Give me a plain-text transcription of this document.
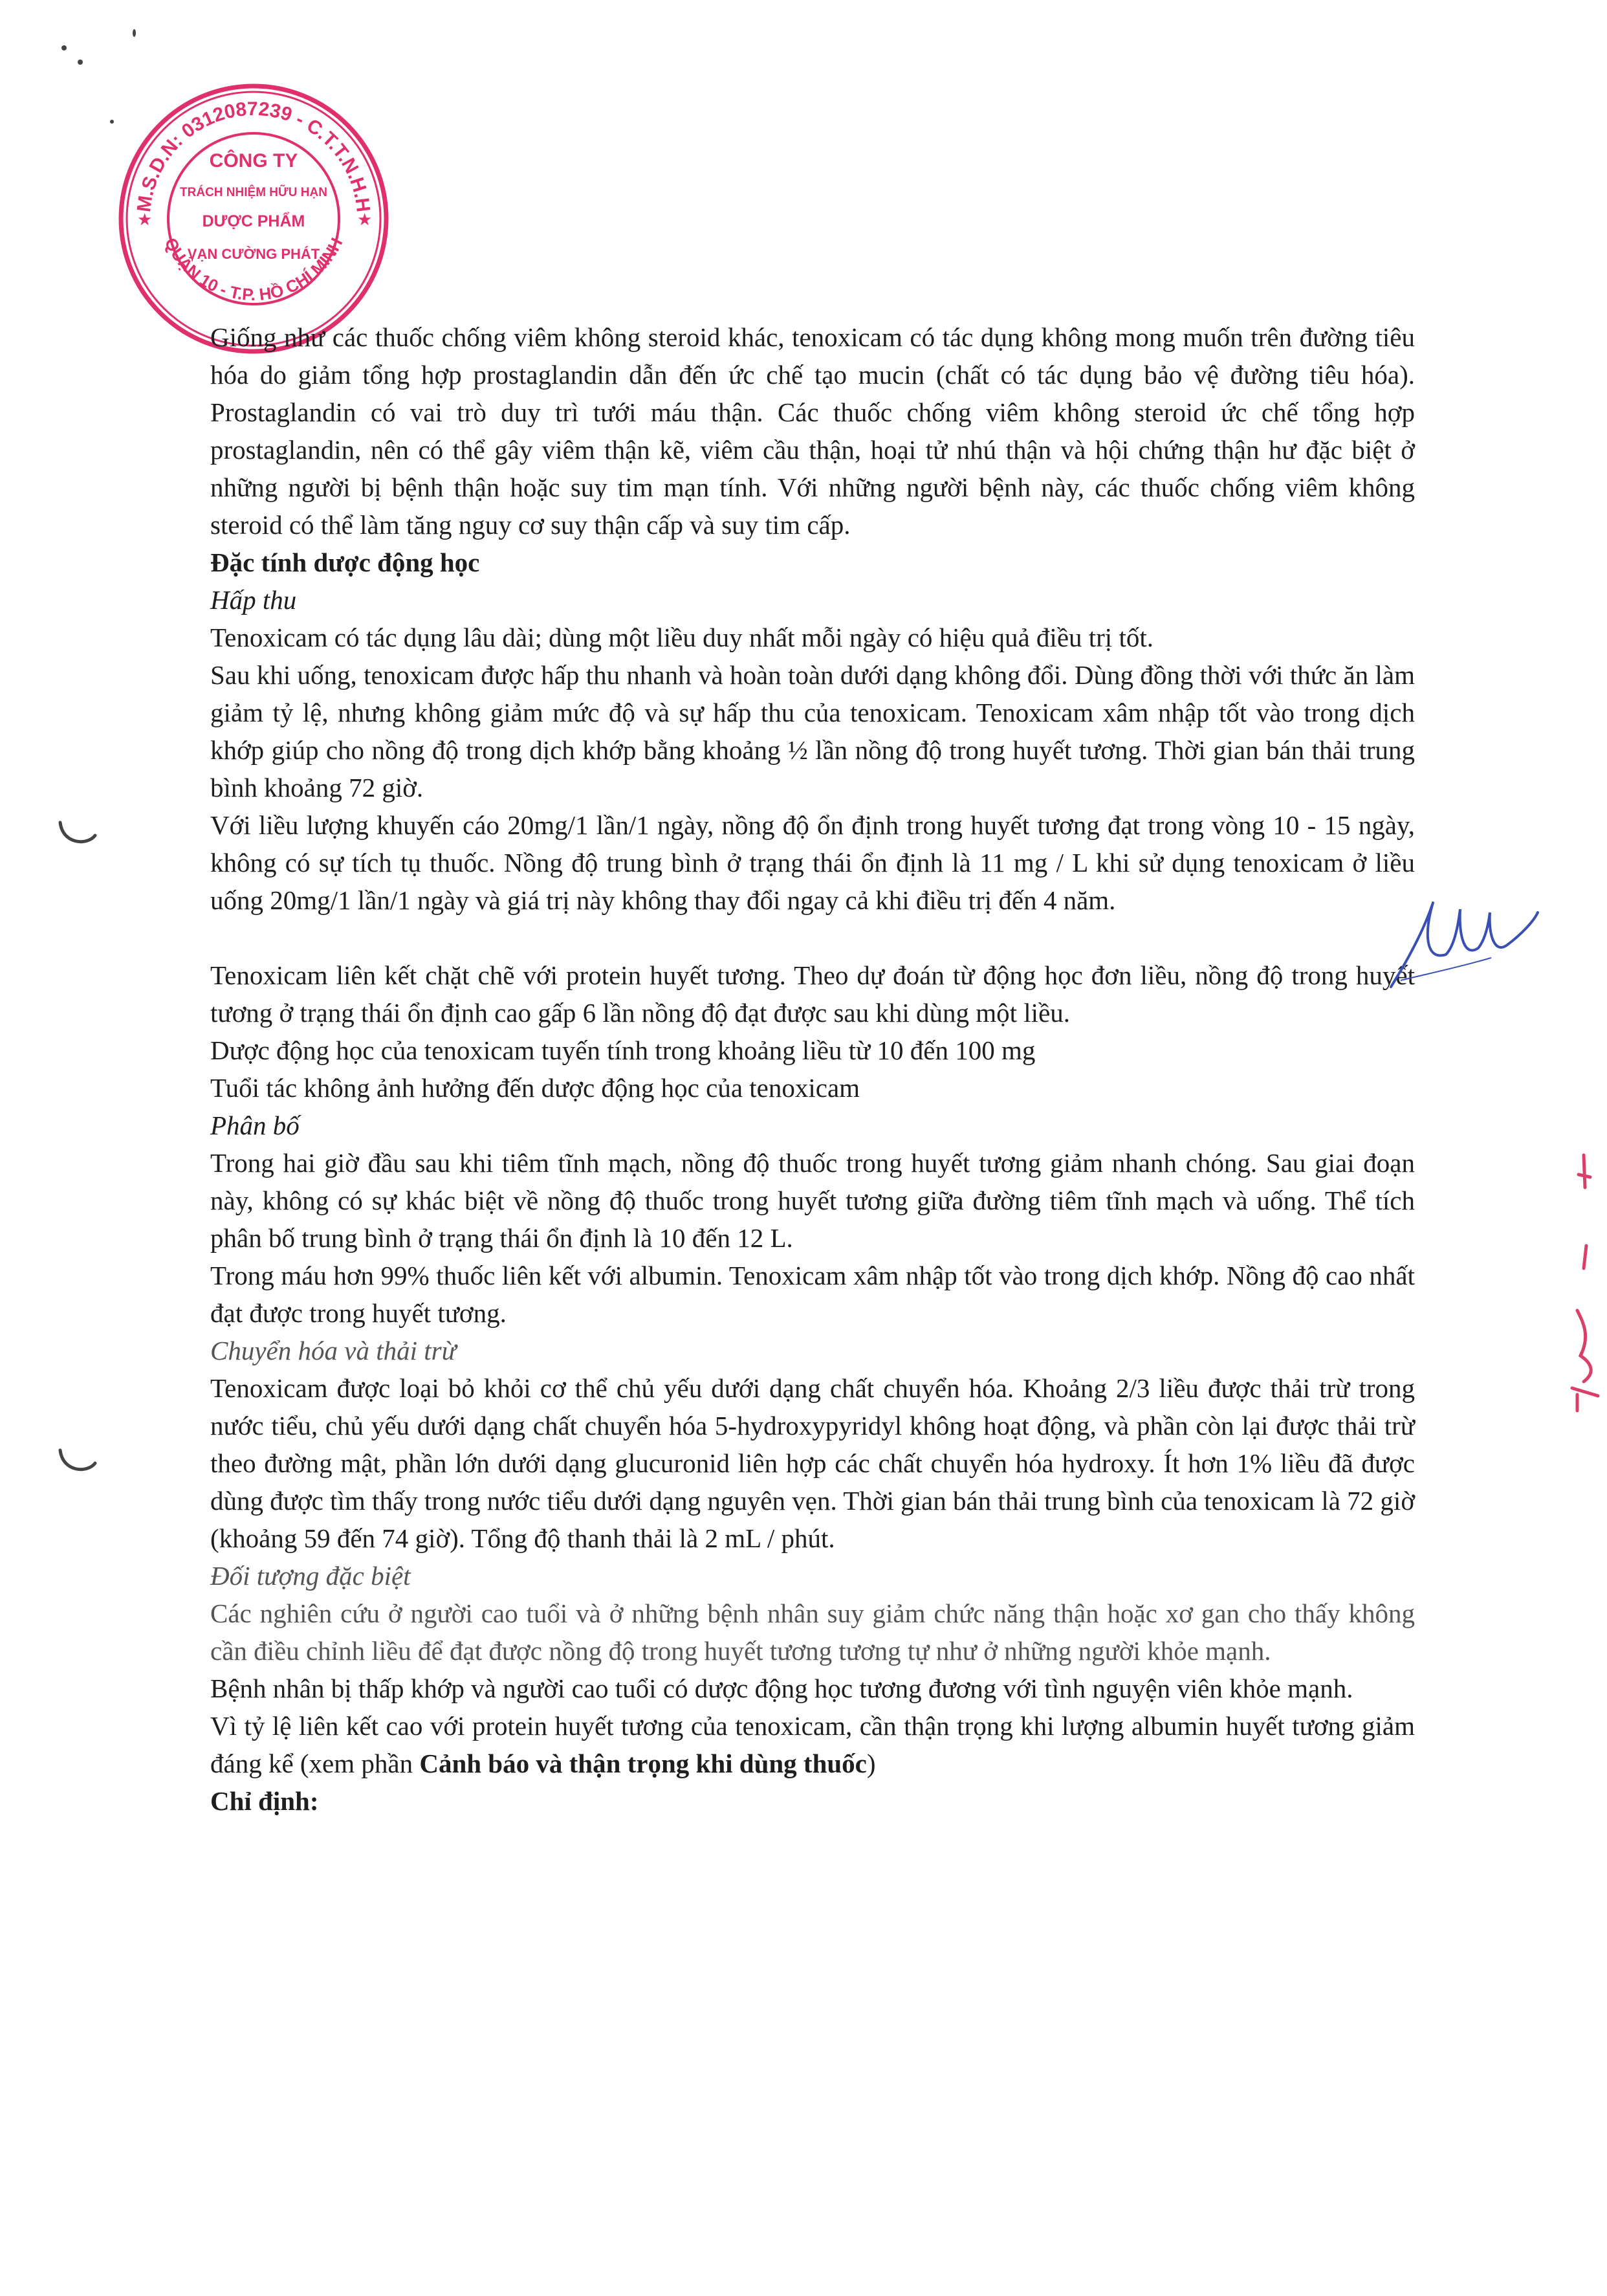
M.S.D.N: 0312087239 - C.T.T.N.H.H
QUẬN 10 - T.P. HỒ CHÍ MINH
CÔNG TY
TRÁCH NHIỆM HỮU HẠN
DƯỢC PHẨM
VẠN CƯỜNG PHÁT
★	★

Giống như các thuốc chống viêm không steroid khác, tenoxicam có tác dụng không mong muốn trên đường tiêu hóa do giảm tổng hợp prostaglandin dẫn đến ức chế tạo mucin (chất có tác dụng bảo vệ đường tiêu hóa). Prostaglandin có vai trò duy trì tưới máu thận. Các thuốc chống viêm không steroid ức chế tổng hợp prostaglandin, nên có thể gây viêm thận kẽ, viêm cầu thận, hoại tử nhú thận và hội chứng thận hư đặc biệt ở những người bị bệnh thận hoặc suy tim mạn tính. Với những người bệnh này, các thuốc chống viêm không steroid có thể làm tăng nguy cơ suy thận cấp và suy tim cấp.

Đặc tính dược động học

Hấp thu

Tenoxicam có tác dụng lâu dài; dùng một liều duy nhất mỗi ngày có hiệu quả điều trị tốt.

Sau khi uống, tenoxicam được hấp thu nhanh và hoàn toàn dưới dạng không đổi. Dùng đồng thời với thức ăn làm giảm tỷ lệ, nhưng không giảm mức độ và sự hấp thu của tenoxicam. Tenoxicam xâm nhập tốt vào trong dịch khớp giúp cho nồng độ trong dịch khớp bằng khoảng ½ lần nồng độ trong huyết tương. Thời gian bán thải trung bình khoảng 72 giờ.

Với liều lượng khuyến cáo 20mg/1 lần/1 ngày, nồng độ ổn định trong huyết tương đạt trong vòng 10 - 15 ngày, không có sự tích tụ thuốc. Nồng độ trung bình ở trạng thái ổn định là 11 mg / L khi sử dụng tenoxicam ở liều uống 20mg/1 lần/1 ngày và giá trị này không thay đổi ngay cả khi điều trị đến 4 năm.

Tenoxicam liên kết chặt chẽ với protein huyết tương. Theo dự đoán từ động học đơn liều, nồng độ trong huyết tương ở trạng thái ổn định cao gấp 6 lần nồng độ đạt được sau khi dùng một liều.

Dược động học của tenoxicam tuyến tính trong khoảng liều từ 10 đến 100 mg

Tuổi tác không ảnh hưởng đến dược động học của tenoxicam

Phân bố

Trong hai giờ đầu sau khi tiêm tĩnh mạch, nồng độ thuốc trong huyết tương giảm nhanh chóng. Sau giai đoạn này, không có sự khác biệt về nồng độ thuốc trong huyết tương giữa đường tiêm tĩnh mạch và uống. Thể tích phân bố trung bình ở trạng thái ổn định là 10 đến 12 L.

Trong máu hơn 99% thuốc liên kết với albumin. Tenoxicam xâm nhập tốt vào trong dịch khớp. Nồng độ cao nhất đạt được trong huyết tương.

Chuyển hóa và thải trừ

Tenoxicam được loại bỏ khỏi cơ thể chủ yếu dưới dạng chất chuyển hóa. Khoảng 2/3 liều được thải trừ trong nước tiểu, chủ yếu dưới dạng chất chuyển hóa 5-hydroxypyridyl không hoạt động, và phần còn lại được thải trừ theo đường mật, phần lớn dưới dạng glucuronid liên hợp các chất chuyển hóa hydroxy. Ít hơn 1% liều đã được dùng được tìm thấy trong nước tiểu dưới dạng nguyên vẹn. Thời gian bán thải trung bình của tenoxicam là 72 giờ (khoảng 59 đến 74 giờ). Tổng độ thanh thải là 2 mL / phút.

Đối tượng đặc biệt

Các nghiên cứu ở người cao tuổi và ở những bệnh nhân suy giảm chức năng thận hoặc xơ gan cho thấy không cần điều chỉnh liều để đạt được nồng độ trong huyết tương tương tự như ở những người khỏe mạnh.

Bệnh nhân bị thấp khớp và người cao tuổi có dược động học tương đương với tình nguyện viên khỏe mạnh.

Vì tỷ lệ liên kết cao với protein huyết tương của tenoxicam, cần thận trọng khi lượng albumin huyết tương giảm đáng kể (xem phần Cảnh báo và thận trọng khi dùng thuốc)

Chỉ định:
